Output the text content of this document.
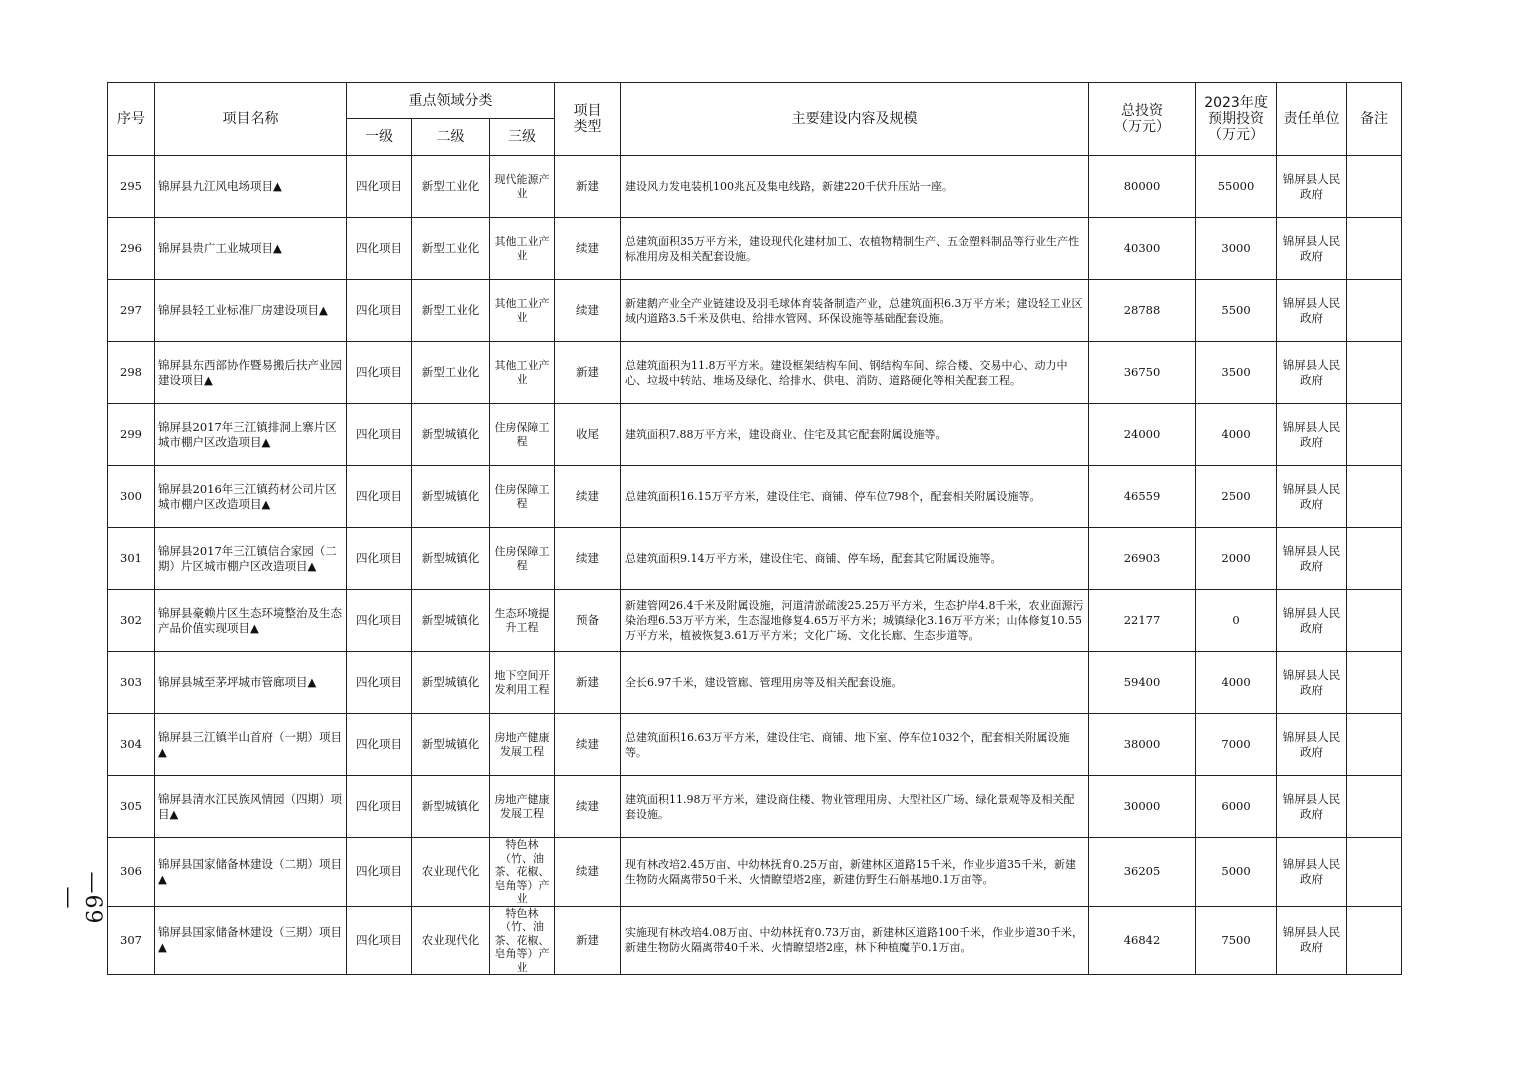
序号	项目名称	重点领域分类			项目类型	主要建设内容及规模	总投资（万元）	2023年度预期投资（万元）	责任单位	备注
		一级	二级	三级						
295	锦屏县九江风电场项目▲	四化项目	新型工业化	现代能源产业	新建	建设风力发电装机100兆瓦及集电线路，新建220千伏升压站一座。	80000	55000	锦屏县人民政府	
296	锦屏县贵广工业城项目▲	四化项目	新型工业化	其他工业产业	续建	总建筑面积35万平方米，建设现代化建材加工、农植物精制生产、五金塑料制品等行业生产性标准用房及相关配套设施。	40300	3000	锦屏县人民政府	
297	锦屏县轻工业标准厂房建设项目▲	四化项目	新型工业化	其他工业产业	续建	新建鹅产业全产业链建设及羽毛球体育装备制造产业，总建筑面积6.3万平方米；建设轻工业区域内道路3.5千米及供电、给排水管网、环保设施等基础配套设施。	28788	5500	锦屏县人民政府	
298	锦屏县东西部协作暨易搬后扶产业园建设项目▲	四化项目	新型工业化	其他工业产业	新建	总建筑面积为11.8万平方米。建设框架结构车间、钢结构车间、综合楼、交易中心、动力中心、垃圾中转站、堆场及绿化、给排水、供电、消防、道路硬化等相关配套工程。	36750	3500	锦屏县人民政府	
299	锦屏县2017年三江镇排洞上寨片区城市棚户区改造项目▲	四化项目	新型城镇化	住房保障工程	收尾	建筑面积7.88万平方米，建设商业、住宅及其它配套附属设施等。	24000	4000	锦屏县人民政府	
300	锦屏县2016年三江镇药材公司片区城市棚户区改造项目▲	四化项目	新型城镇化	住房保障工程	续建	总建筑面积16.15万平方米，建设住宅、商铺、停车位798个，配套相关附属设施等。	46559	2500	锦屏县人民政府	
301	锦屏县2017年三江镇信合家园（二期）片区城市棚户区改造项目▲	四化项目	新型城镇化	住房保障工程	续建	总建筑面积9.14万平方米，建设住宅、商铺、停车场，配套其它附属设施等。	26903	2000	锦屏县人民政府	
302	锦屏县豪赖片区生态环境整治及生态产品价值实现项目▲	四化项目	新型城镇化	生态环境提升工程	预备	新建管网26.4千米及附属设施，河道清淤疏浚25.25万平方米，生态护岸4.8千米，农业面源污染治理6.53万平方米，生态湿地修复4.65万平方米；城镇绿化3.16万平方米；山体修复10.55万平方米，植被恢复3.61万平方米；文化广场、文化长廊、生态步道等。	22177	0	锦屏县人民政府	
303	锦屏县城至茅坪城市管廊项目▲	四化项目	新型城镇化	地下空间开发利用工程	新建	全长6.97千米，建设管廊、管理用房等及相关配套设施。	59400	4000	锦屏县人民政府	
304	锦屏县三江镇半山首府（一期）项目▲	四化项目	新型城镇化	房地产健康发展工程	续建	总建筑面积16.63万平方米，建设住宅、商铺、地下室、停车位1032个，配套相关附属设施等。	38000	7000	锦屏县人民政府	
305	锦屏县清水江民族风情园（四期）项目▲	四化项目	新型城镇化	房地产健康发展工程	续建	建筑面积11.98万平方米，建设商住楼、物业管理用房、大型社区广场、绿化景观等及相关配套设施。	30000	6000	锦屏县人民政府	
306	锦屏县国家储备林建设（二期）项目▲	四化项目	农业现代化	特色林（竹、油茶、花椒、皂角等）产业	续建	现有林改培2.45万亩、中幼林抚育0.25万亩，新建林区道路15千米，作业步道35千米，新建生物防火隔离带50千米、火情瞭望塔2座，新建仿野生石斛基地0.1万亩等。	36205	5000	锦屏县人民政府	
307	锦屏县国家储备林建设（三期）项目▲	四化项目	农业现代化	特色林（竹、油茶、花椒、皂角等）产业	新建	实施现有林改培4.08万亩、中幼林抚育0.73万亩，新建林区道路100千米，作业步道30千米，新建生物防火隔离带40千米、火情瞭望塔2座，林下种植魔芋0.1万亩。	46842	7500	锦屏县人民政府	
—69—
